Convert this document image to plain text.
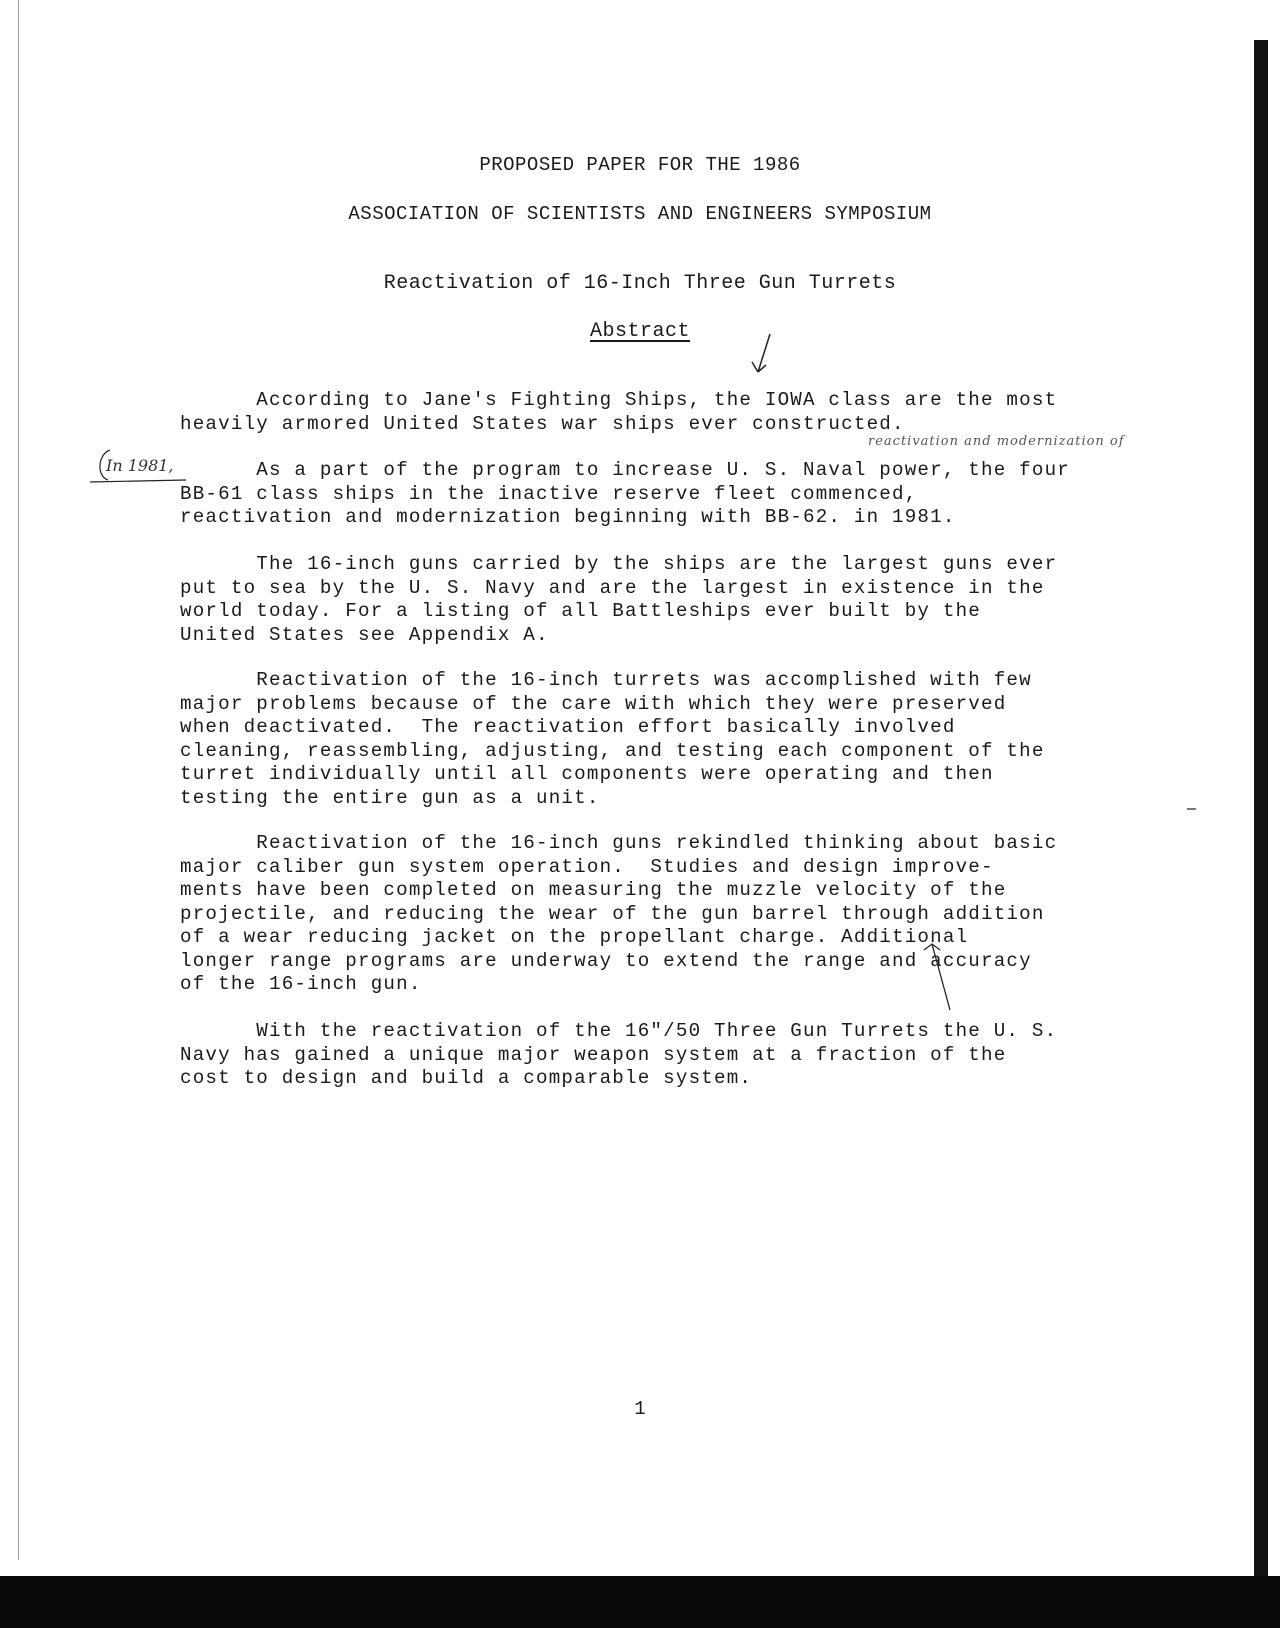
PROPOSED PAPER FOR THE 1986
ASSOCIATION OF SCIENTISTS AND ENGINEERS SYMPOSIUM
Reactivation of 16-Inch Three Gun Turrets
Abstract
According to Jane's Fighting Ships, the IOWA class are the most
heavily armored United States war ships ever constructed.
reactivation and modernization of
In 1981,	As a part of the program to increase U. S. Naval power, the four
BB-61 class ships in the inactive reserve fleet commenced,
reactivation and modernization beginning with BB-62. in 1981.
The 16-inch guns carried by the ships are the largest guns ever
put to sea by the U. S. Navy and are the largest in existence in the
world today. For a listing of all Battleships ever built by the
United States see Appendix A.
Reactivation of the 16-inch turrets was accomplished with few
major problems because of the care with which they were preserved
when deactivated.  The reactivation effort basically involved
cleaning, reassembling, adjusting, and testing each component of the
turret individually until all components were operating and then
testing the entire gun as a unit.
Reactivation of the 16-inch guns rekindled thinking about basic
major caliber gun system operation.  Studies and design improve-
ments have been completed on measuring the muzzle velocity of the
projectile, and reducing the wear of the gun barrel through addition
of a wear reducing jacket on the propellant charge. Additional
longer range programs are underway to extend the range and accuracy
of the 16-inch gun.
With the reactivation of the 16"/50 Three Gun Turrets the U. S.
Navy has gained a unique major weapon system at a fraction of the
cost to design and build a comparable system.
1
